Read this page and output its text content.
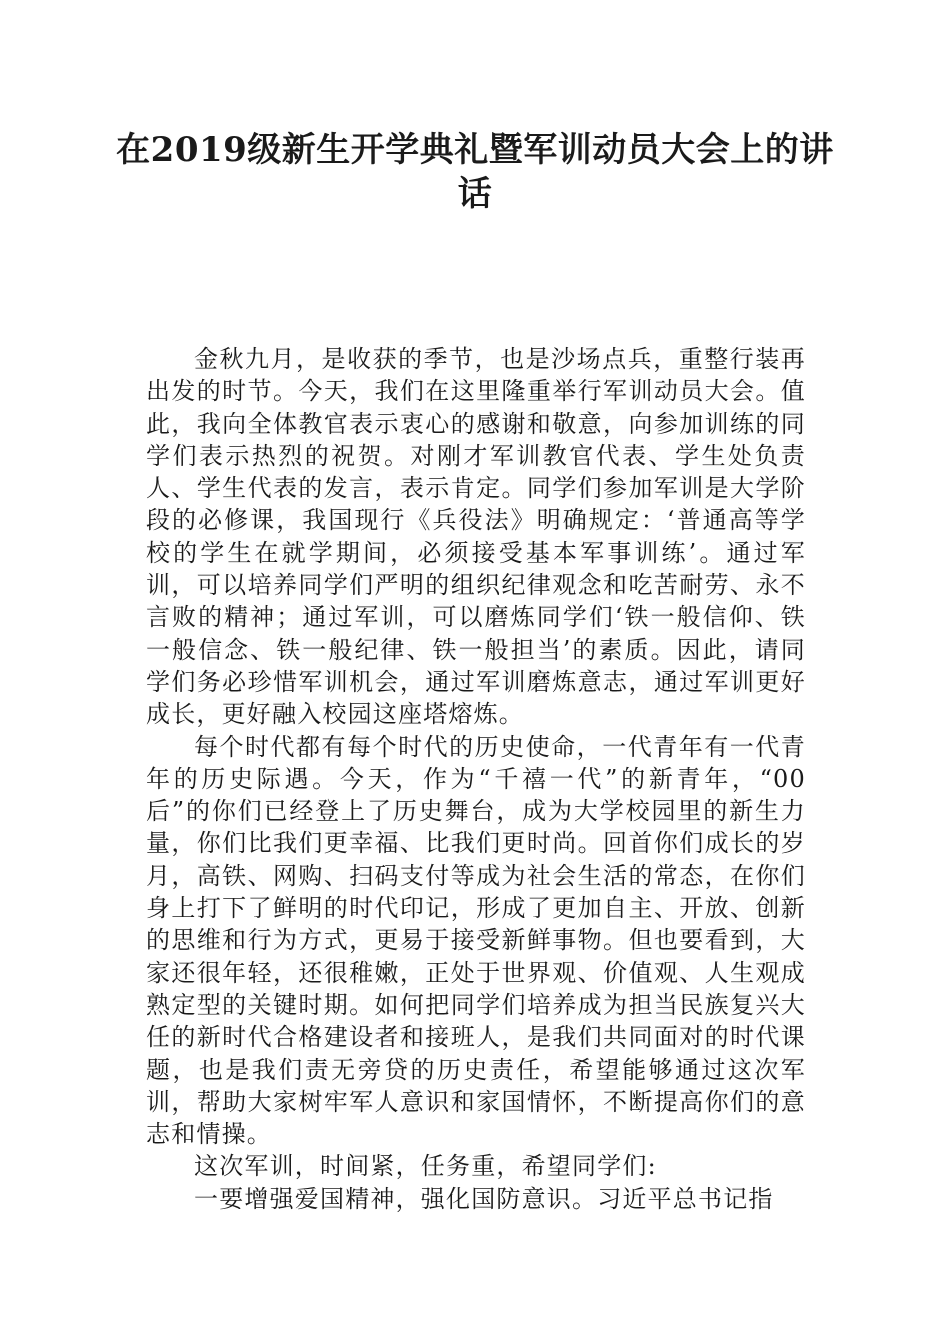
在2019级新生开学典礼暨军训动员大会上的讲话

金秋九月，是收获的季节，也是沙场点兵，重整行装再出发的时节。今天，我们在这里隆重举行军训动员大会。值此，我向全体教官表示衷心的感谢和敬意，向参加训练的同学们表示热烈的祝贺。对刚才军训教官代表、学生处负责人、学生代表的发言，表示肯定。同学们参加军训是大学阶段的必修课，我国现行《兵役法》明确规定：‘普通高等学校的学生在就学期间，必须接受基本军事训练’。通过军训，可以培养同学们严明的组织纪律观念和吃苦耐劳、永不言败的精神；通过军训，可以磨炼同学们‘铁一般信仰、铁一般信念、铁一般纪律、铁一般担当’的素质。因此，请同学们务必珍惜军训机会，通过军训磨炼意志，通过军训更好成长，更好融入校园这座塔熔炼。

每个时代都有每个时代的历史使命，一代青年有一代青年的历史际遇。今天，作为“千禧一代”的新青年，“00后”的你们已经登上了历史舞台，成为大学校园里的新生力量，你们比我们更幸福、比我们更时尚。回首你们成长的岁月，高铁、网购、扫码支付等成为社会生活的常态，在你们身上打下了鲜明的时代印记，形成了更加自主、开放、创新的思维和行为方式，更易于接受新鲜事物。但也要看到，大家还很年轻，还很稚嫩，正处于世界观、价值观、人生观成熟定型的关键时期。如何把同学们培养成为担当民族复兴大任的新时代合格建设者和接班人，是我们共同面对的时代课题，也是我们责无旁贷的历史责任，希望能够通过这次军训，帮助大家树牢军人意识和家国情怀，不断提高你们的意志和情操。

这次军训，时间紧，任务重，希望同学们:

一要增强爱国精神，强化国防意识。习近平总书记指
